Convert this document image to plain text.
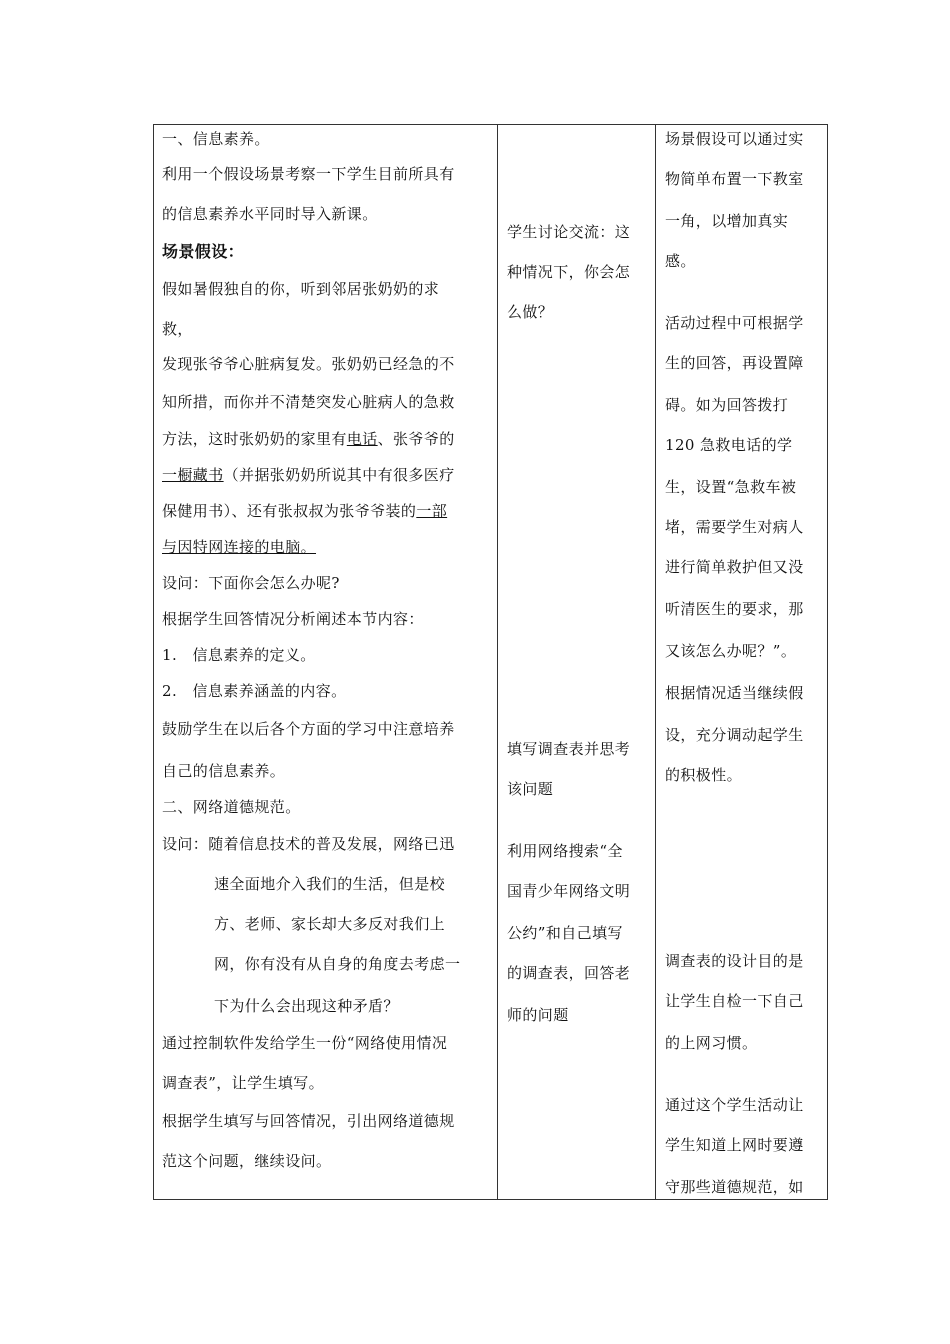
一、信息素养。
利用一个假设场景考察一下学生目前所具有
的信息素养水平同时导入新课。
场景假设：
假如暑假独自的你，听到邻居张奶奶的求
救，
发现张爷爷心脏病复发。张奶奶已经急的不
知所措，而你并不清楚突发心脏病人的急救
方法，这时张奶奶的家里有电话、张爷爷的
一橱藏书（并据张奶奶所说其中有很多医疗
保健用书）、还有张叔叔为张爷爷装的一部
与因特网连接的电脑。
设问：下面你会怎么办呢?
根据学生回答情况分析阐述本节内容：
1.　信息素养的定义。
2.　信息素养涵盖的内容。
鼓励学生在以后各个方面的学习中注意培养
自己的信息素养。
二、网络道德规范。
设问：随着信息技术的普及发展，网络已迅
速全面地介入我们的生活，但是校
方、老师、家长却大多反对我们上
网，你有没有从自身的角度去考虑一
下为什么会出现这种矛盾？
通过控制软件发给学生一份“网络使用情况
调查表”，让学生填写。
根据学生填写与回答情况，引出网络道德规
范这个问题，继续设问。

学生讨论交流：这
种情况下，你会怎
么做？
填写调查表并思考
该问题
利用网络搜索“全
国青少年网络文明
公约”和自己填写
的调查表，回答老
师的问题

场景假设可以通过实
物简单布置一下教室
一角，以增加真实
感。
活动过程中可根据学
生的回答，再设置障
碍。如为回答拨打
120 急救电话的学
生，设置“急救车被
堵，需要学生对病人
进行简单救护但又没
听清医生的要求，那
又该怎么办呢？”。
根据情况适当继续假
设，充分调动起学生
的积极性。
调查表的设计目的是
让学生自检一下自己
的上网习惯。
通过这个学生活动让
学生知道上网时要遵
守那些道德规范，如
